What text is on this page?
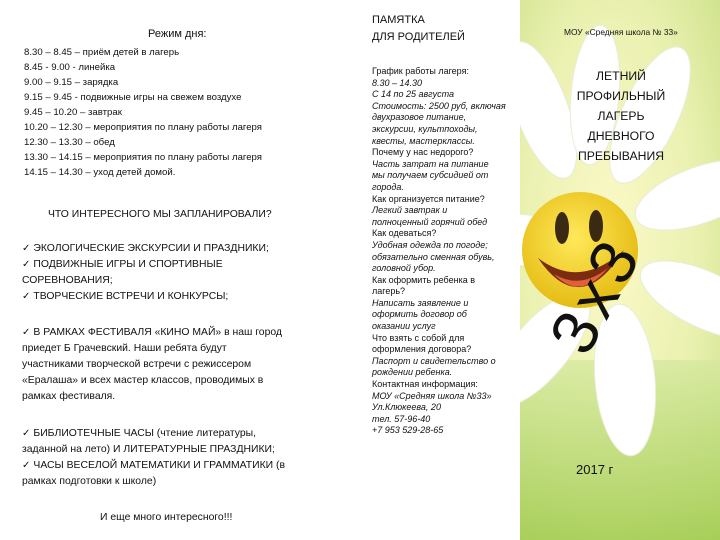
Режим дня:
8.30 – 8.45 – приём детей в лагерь
8.45 - 9.00 - линейка
9.00 – 9.15 – зарядка
9.15 – 9.45 - подвижные игры на свежем воздухе
9.45 – 10.20 – завтрак
10.20 – 12.30 – мероприятия по плану работы лагеря
12.30 – 13.30 – обед
13.30 – 14.15 – мероприятия по плану работы лагеря
14.15 – 14.30 – уход детей домой.
ЧТО ИНТЕРЕСНОГО МЫ ЗАПЛАНИРОВАЛИ?
✓ ЭКОЛОГИЧЕСКИЕ ЭКСКУРСИИ И ПРАЗДНИКИ;
✓ ПОДВИЖНЫЕ ИГРЫ И СПОРТИВНЫЕ
СОРЕВНОВАНИЯ;
✓ ТВОРЧЕСКИЕ ВСТРЕЧИ И КОНКУРСЫ;
✓ В РАМКАХ ФЕСТИВАЛЯ «КИНО МАЙ» в наш город
приедет Б Грачевский. Наши ребята будут
участниками творческой встречи с режиссером
«Ералаша» и всех мастер классов, проводимых в
рамках фестиваля.
✓ БИБЛИОТЕЧНЫЕ ЧАСЫ (чтение литературы,
заданной на лето) И ЛИТЕРАТУРНЫЕ ПРАЗДНИКИ;
✓ ЧАСЫ ВЕСЕЛОЙ МАТЕМАТИКИ И ГРАММАТИКИ (в
рамках подготовки к школе)
И еще много интересного!!!
ПАМЯТКА
ДЛЯ РОДИТЕЛЕЙ
График работы лагеря:
8.30 – 14.30
С 14 по 25 августа
Стоимость: 2500 руб, включая
двухразовое питание,
экскурсии, культпоходы,
квесты, мастерклассы.
Почему у нас недорого?
Часть затрат на питание
мы получаем субсидией от
города.
Как организуется питание?
Легкий завтрак и
полноценный горячий обед
Как одеваться?
Удобная одежда по погоде;
обязательно сменная обувь,
головной убор.
Как оформить ребенка в
лагерь?
Написать заявление и
оформить договор об
оказании услуг
Что взять с собой для
оформления договора?
Паспорт и свидетельство о
рождении ребенка.
Контактная информация:
МОУ «Средняя школа №33»
Ул.Клюкеева, 20
тел. 57-96-40
+7 953 529-28-65
МОУ «Средняя школа № 33»
ЛЕТНИЙ
ПРОФИЛЬНЫЙ
ЛАГЕРЬ
ДНЕВНОГО
ПРЕБЫВАНИЯ
3x3
2017 г
